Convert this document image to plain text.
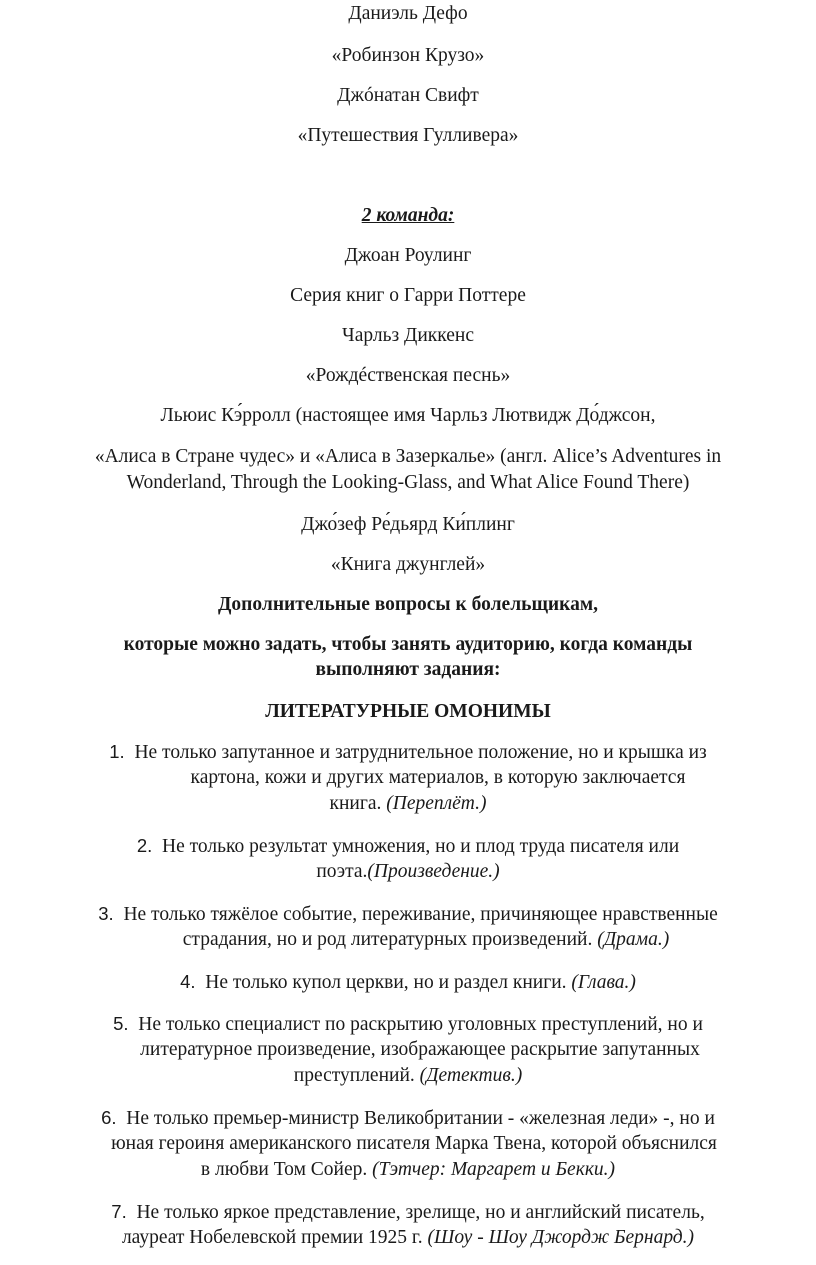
Даниэль Дефо

«Робинзон Крузо»

Джóнатан Свифт

«Путешествия Гулливера»

2 команда:

Джоан Роулинг

Серия книг о Гарри Поттере

Чарльз Диккенс

«Рождéственская песнь»

Льюис Кэ́рролл (настоящее имя Чарльз Лютвидж До́джсон,

«Алиса в Стране чудес» и «Алиса в Зазеркалье» (англ. Alice’s Adventures in

Wonderland, Through the Looking-Glass, and What Alice Found There)

Джо́зеф Ре́дьярд Ки́плинг

«Книга джунглей»

Дополнительные вопросы к болельщикам,

которые можно задать, чтобы занять аудиторию, когда команды

выполняют задания:

ЛИТЕРАТУРНЫЕ ОМОНИМЫ

1. Не только запутанное и затруднительное положение, но и крышка из

картона, кожи и других материалов, в которую заключается

книга. (Переплёт.)

2. Не только результат умножения, но и плод труда писателя или

поэта.(Произведение.)

3. Не только тяжёлое событие, переживание, причиняющее нравственные

страдания, но и род литературных произведений. (Драма.)

4. Не только купол церкви, но и раздел книги. (Глава.)

5. Не только специалист по раскрытию уголовных преступлений, но и

литературное произведение, изображающее раскрытие запутанных

преступлений. (Детектив.)

6. Не только премьер-министр Великобритании - «железная леди» -, но и

юная героиня американского писателя Марка Твена, которой объяснился

в любви Том Сойер. (Тэтчер: Маргарет и Бекки.)

7. Не только яркое представление, зрелище, но и английский писатель,

лауреат Нобелевской премии 1925 г. (Шоу - Шоу Джордж Бернард.)
